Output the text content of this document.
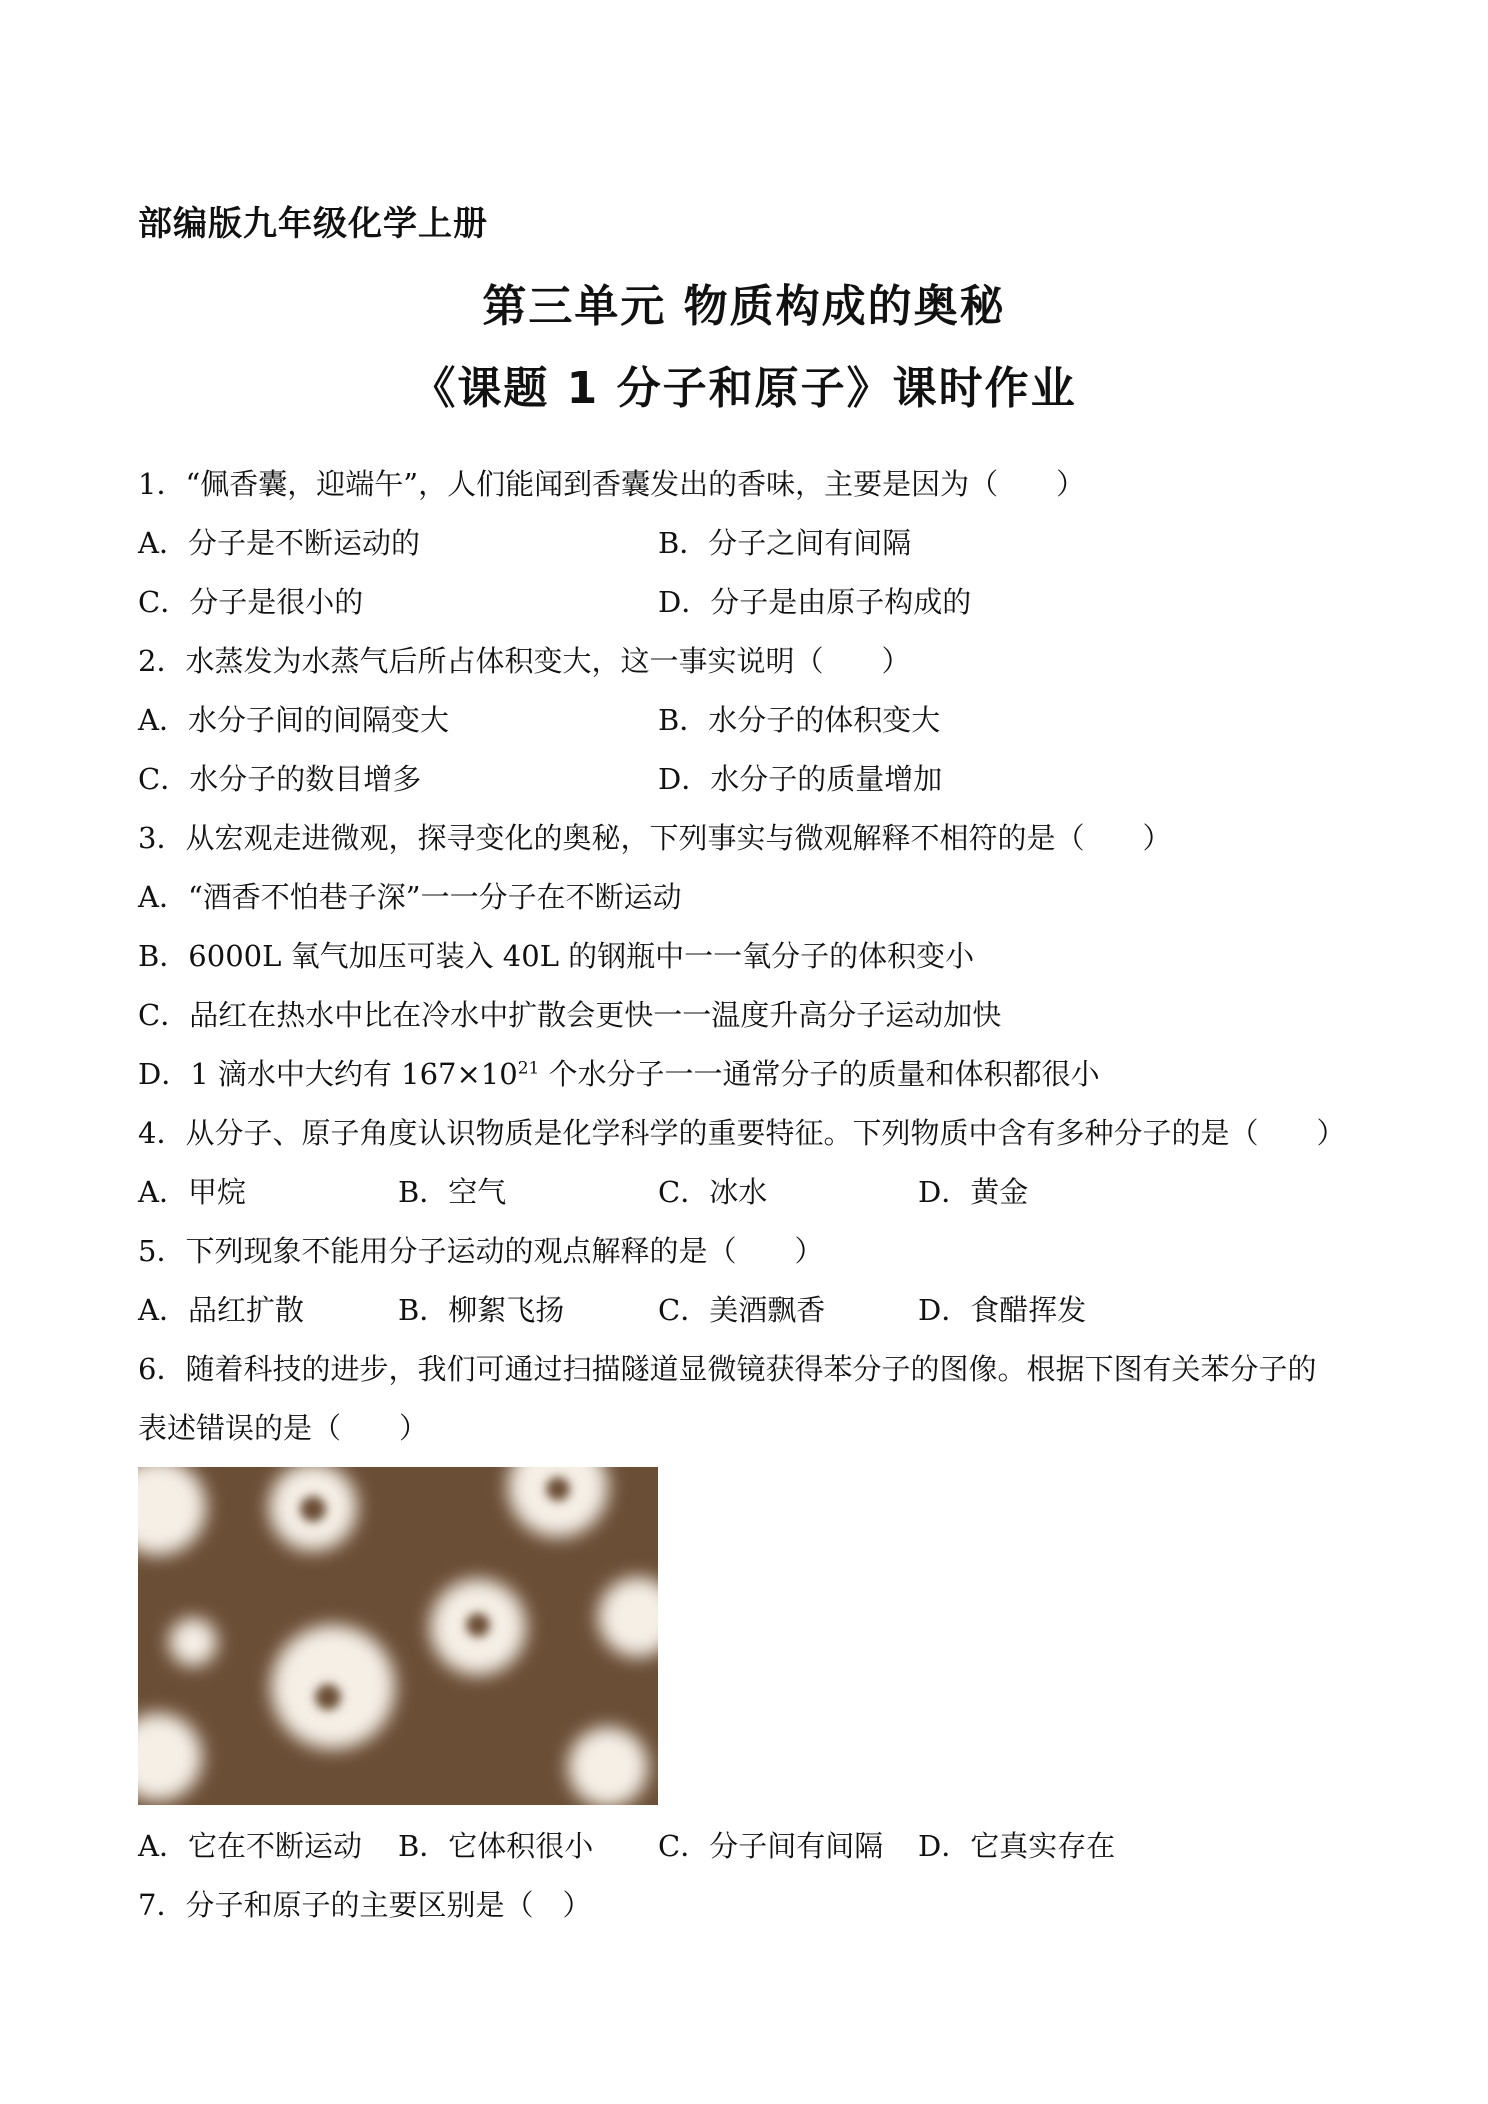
部编版九年级化学上册
第三单元 物质构成的奥秘
《课题 1 分子和原子》课时作业
1．“佩香囊，迎端午”，人们能闻到香囊发出的香味，主要是因为（　　）
A．分子是不断运动的	B．分子之间有间隔
C．分子是很小的	D．分子是由原子构成的
2．水蒸发为水蒸气后所占体积变大，这一事实说明（　　）
A．水分子间的间隔变大	B．水分子的体积变大
C．水分子的数目增多	D．水分子的质量增加
3．从宏观走进微观，探寻变化的奥秘，下列事实与微观解释不相符的是（　　）
A．“酒香不怕巷子深”一一分子在不断运动
B．6000L 氧气加压可装入 40L 的钢瓶中一一氧分子的体积变小
C．品红在热水中比在冷水中扩散会更快一一温度升高分子运动加快
D．1 滴水中大约有 $167\times 10^{21}$ 个水分子一一通常分子的质量和体积都很小
4．从分子、原子角度认识物质是化学科学的重要特征。下列物质中含有多种分子的是（　　）
A．甲烷	B．空气	C．冰水	D．黄金
5．下列现象不能用分子运动的观点解释的是（　　）
A．品红扩散	B．柳絮飞扬	C．美酒飘香	D．食醋挥发
6．随着科技的进步，我们可通过扫描隧道显微镜获得苯分子的图像。根据下图有关苯分子的
表述错误的是（　　）
A．它在不断运动 B．它体积很小 C．分子间有间隔 D．它真实存在
7．分子和原子的主要区别是（　）
